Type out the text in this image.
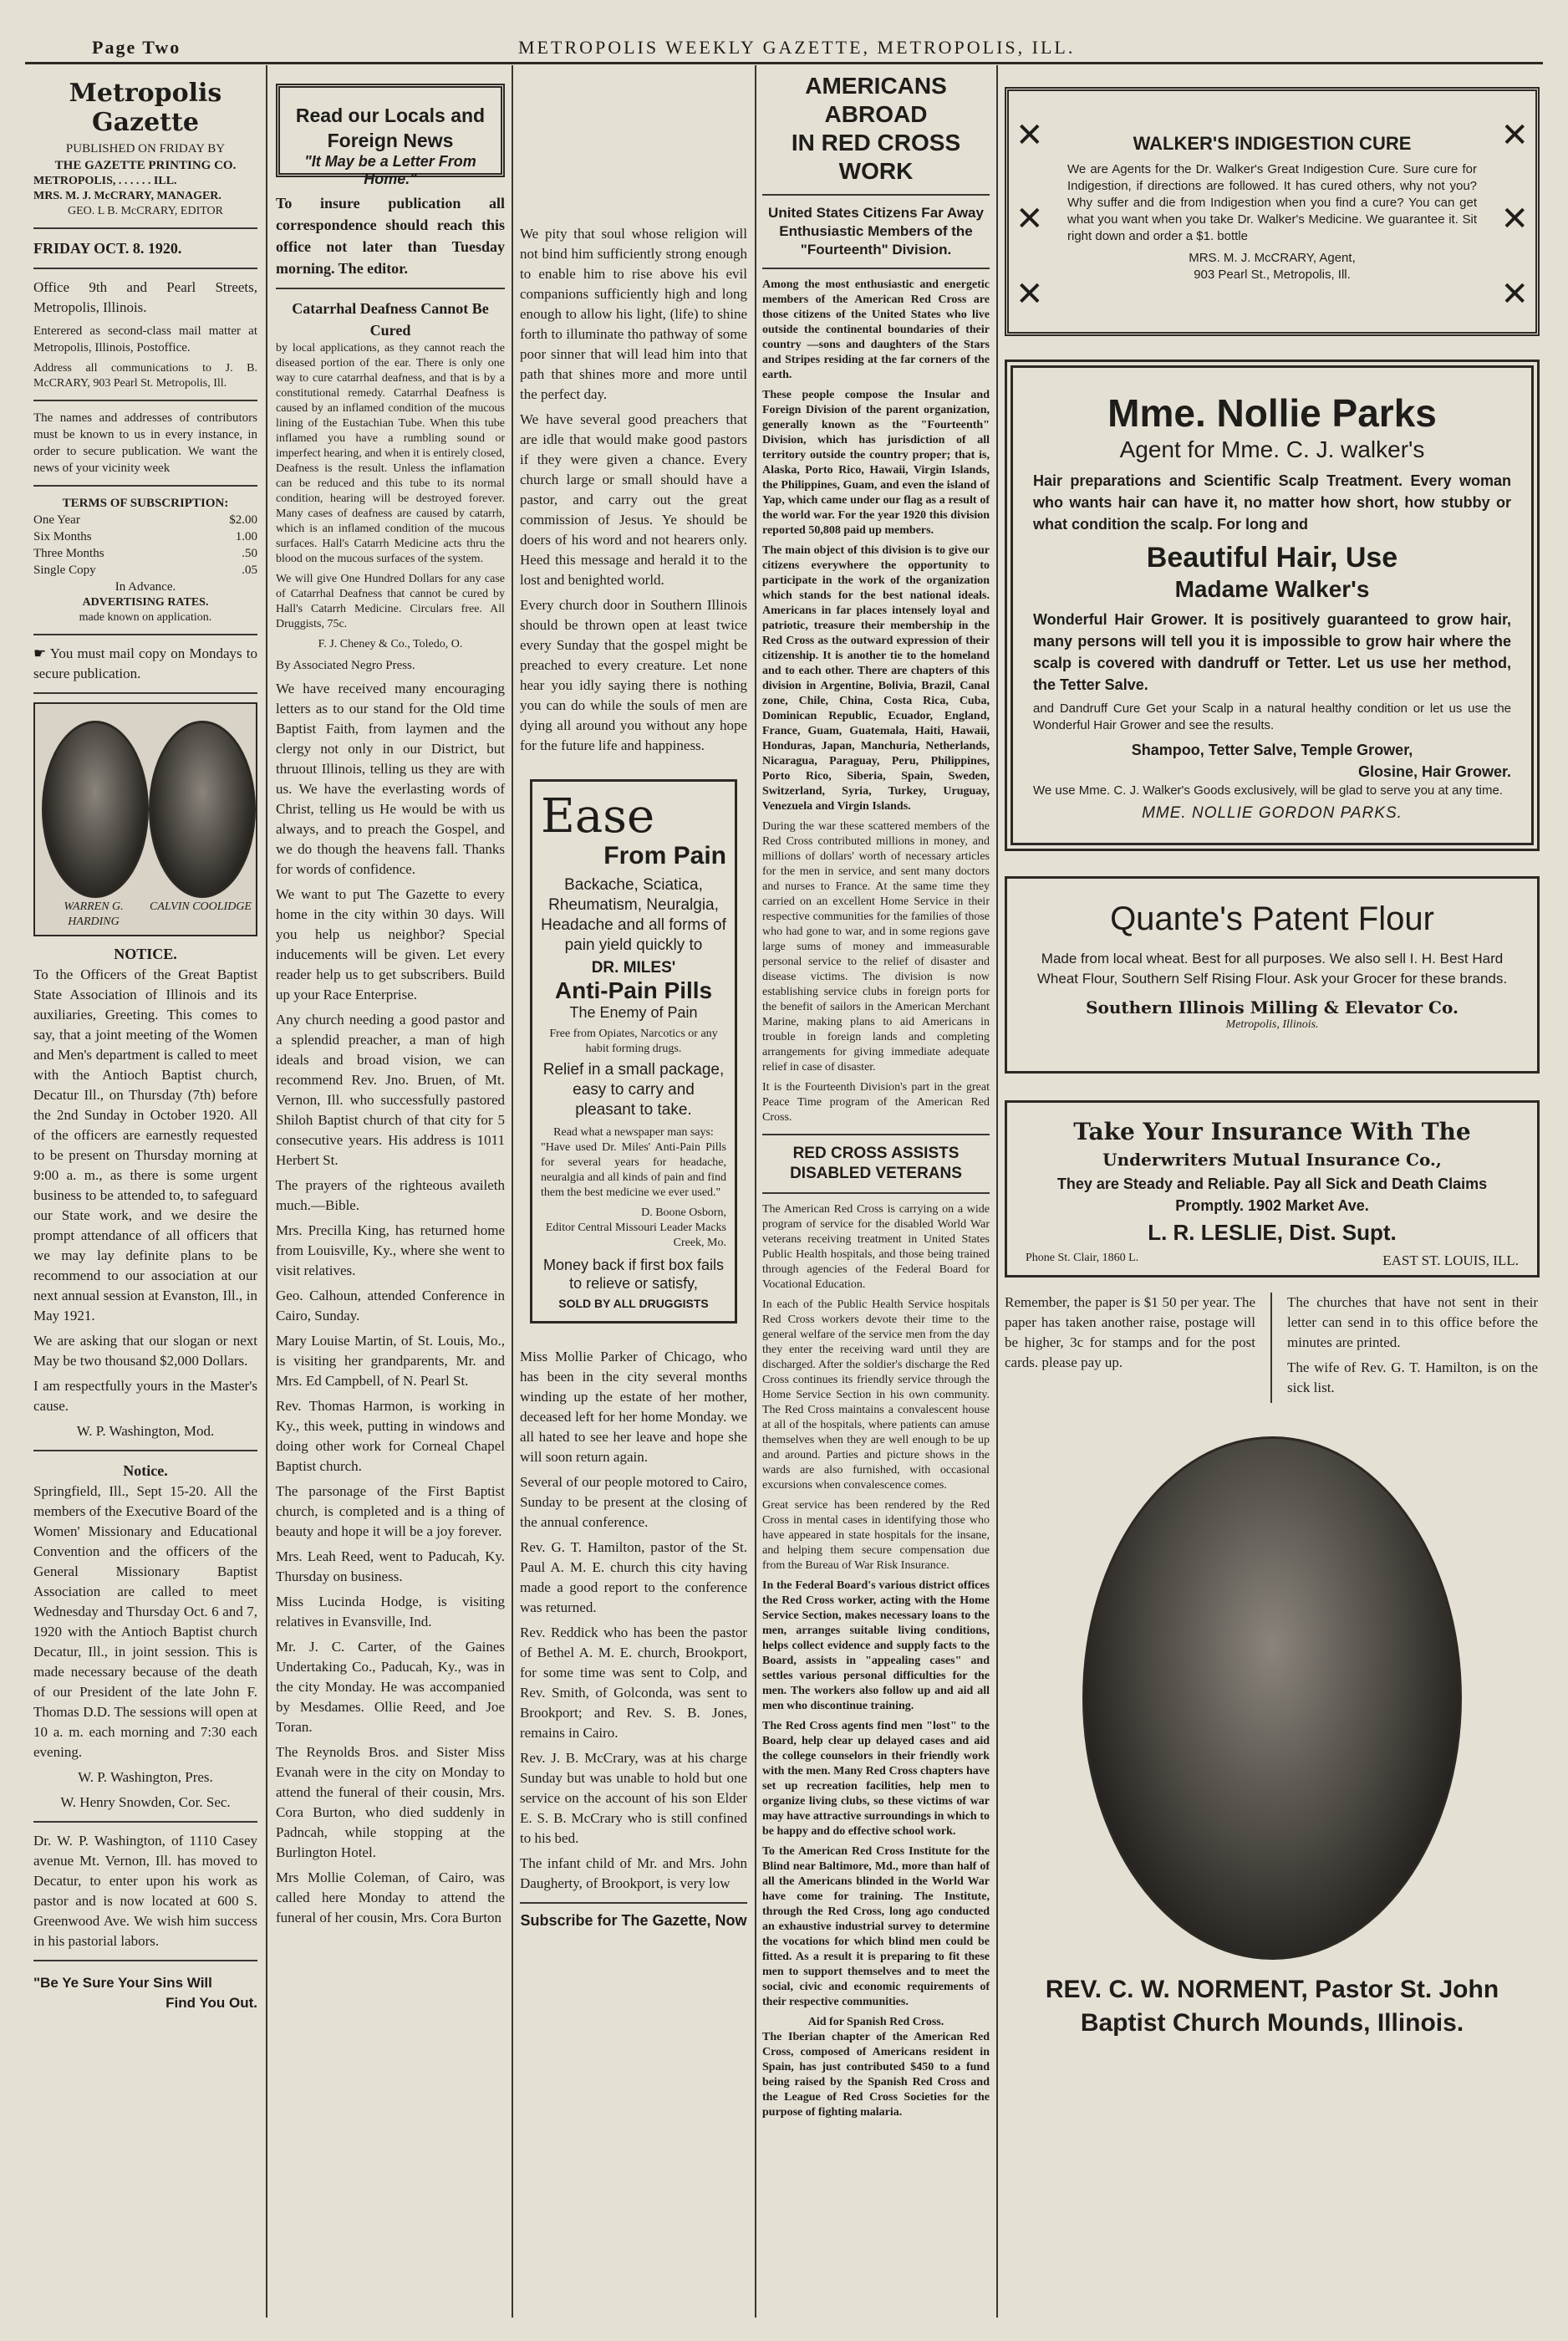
Page Two	METROPOLIS WEEKLY GAZETTE, METROPOLIS, ILL.
Metropolis Gazette
PUBLISHED ON FRIDAY BY
THE GAZETTE PRINTING CO.
METROPOLIS, . . . . . . ILL.
MRS. M. J. McCRARY, MANAGER.
GEO. L B. McCRARY, EDITOR
FRIDAY OCT. 8. 1920.

Office 9th and Pearl Streets, Metropolis, Illinois.

Enterered as second-class mail matter at Metropolis, Illinois, Postoffice.

Address all communications to J. B. McCRARY, 903 Pearl St. Metropolis, Ill.

The names and addresses of contributors must be known to us in every instance, in order to secure publication. We want the news of your vicinity week

TERMS OF SUBSCRIPTION:
One Year	$2.00
Six Months	1.00
Three Months	.50
Single Copy	.05
In Advance.
ADVERTISING RATES.
made known on application.

☛ You must mail copy on Mondays to secure publication.

WARREN G. HARDING
CALVIN COOLIDGE
NOTICE.

To the Officers of the Great Baptist State Association of Illinois and its auxiliaries, Greeting. This comes to say, that a joint meeting of the Women and Men's department is called to meet with the Antioch Baptist church, Decatur Ill., on Thursday (7th) before the 2nd Sunday in October 1920. All of the officers are earnestly requested to be present on Thursday morning at 9:00 a. m., as there is some urgent business to be attended to, to safeguard our State work, and we desire the prompt attendance of all officers that we may lay definite plans to be recommend to our association at our next annual session at Evanston, Ill., in May 1921.

We are asking that our slogan or next May be two thousand $2,000 Dollars.

I am respectfully yours in the Master's cause.

W. P. Washington, Mod.

Notice.

Springfield, Ill., Sept 15-20. All the members of the Executive Board of the Women' Missionary and Educational Convention and the officers of the General Missionary Baptist Association are called to meet Wednesday and Thursday Oct. 6 and 7, 1920 with the Antioch Baptist church Decatur, Ill., in joint session. This is made necessary because of the death of our President of the late John F. Thomas D.D. The sessions will open at 10 a. m. each morning and 7:30 each evening.

W. P. Washington, Pres.

W. Henry Snowden, Cor. Sec.

Dr. W. P. Washington, of 1110 Casey avenue Mt. Vernon, Ill. has moved to Decatur, to enter upon his work as pastor and is now located at 600 S. Greenwood Ave. We wish him success in his pastorial labors.

"Be Ye Sure Your Sins Will
Find You Out.
Read our Locals and Foreign News
"It May be a Letter From Home."

To insure publication all correspondence should reach this office not later than Tuesday morning. The editor.

Catarrhal Deafness Cannot Be Cured

by local applications, as they cannot reach the diseased portion of the ear. There is only one way to cure catarrhal deafness, and that is by a constitutional remedy. Catarrhal Deafness is caused by an inflamed condition of the mucous lining of the Eustachian Tube. When this tube inflamed you have a rumbling sound or imperfect hearing, and when it is entirely closed, Deafness is the result. Unless the inflamation can be reduced and this tube to its normal condition, hearing will be destroyed forever. Many cases of deafness are caused by catarrh, which is an inflamed condition of the mucous surfaces. Hall's Catarrh Medicine acts thru the blood on the mucous surfaces of the system.

We will give One Hundred Dollars for any case of Catarrhal Deafness that cannot be cured by Hall's Catarrh Medicine. Circulars free. All Druggists, 75c.

F. J. Cheney & Co., Toledo, O.

By Associated Negro Press.

We have received many encouraging letters as to our stand for the Old time Baptist Faith, from laymen and the clergy not only in our District, but thruout Illinois, telling us they are with us. We have the everlasting words of Christ, telling us He would be with us always, and to preach the Gospel, and we do though the heavens fall. Thanks for words of confidence.

We want to put The Gazette to every home in the city within 30 days. Will you help us neighbor? Special inducements will be given. Let every reader help us to get subscribers. Build up your Race Enterprise.

Any church needing a good pastor and a splendid preacher, a man of high ideals and broad vision, we can recommend Rev. Jno. Bruen, of Mt. Vernon, Ill. who successfully pastored Shiloh Baptist church of that city for 5 consecutive years. His address is 1011 Herbert St.

The prayers of the righteous availeth much.—Bible.

Mrs. Precilla King, has returned home from Louisville, Ky., where she went to visit relatives.

Geo. Calhoun, attended Conference in Cairo, Sunday.

Mary Louise Martin, of St. Louis, Mo., is visiting her grandparents, Mr. and Mrs. Ed Campbell, of N. Pearl St.

Rev. Thomas Harmon, is working in Ky., this week, putting in windows and doing other work for Corneal Chapel Baptist church.

The parsonage of the First Baptist church, is completed and is a thing of beauty and hope it will be a joy forever.

Mrs. Leah Reed, went to Paducah, Ky. Thursday on business.

Miss Lucinda Hodge, is visiting relatives in Evansville, Ind.

Mr. J. C. Carter, of the Gaines Undertaking Co., Paducah, Ky., was in the city Monday. He was accompanied by Mesdames. Ollie Reed, and Joe Toran.

The Reynolds Bros. and Sister Miss Evanah were in the city on Monday to attend the funeral of their cousin, Mrs. Cora Burton, who died suddenly in Padncah, while stopping at the Burlington Hotel.

Mrs Mollie Coleman, of Cairo, was called here Monday to attend the funeral of her cousin, Mrs. Cora Burton

We pity that soul whose religion will not bind him sufficiently strong enough to enable him to rise above his evil companions sufficiently high and long enough to allow his light, (life) to shine forth to illuminate tho pathway of some poor sinner that will lead him into that path that shines more and more until the perfect day.

We have several good preachers that are idle that would make good pastors if they were given a chance. Every church large or small should have a pastor, and carry out the great commission of Jesus. Ye should be doers of his word and not hearers only. Heed this message and herald it to the lost and benighted world.

Every church door in Southern Illinois should be thrown open at least twice every Sunday that the gospel might be preached to every creature. Let none hear you idly saying there is nothing you can do while the souls of men are dying all around you without any hope for the future life and happiness.

Ease
From Pain
Backache, Sciatica, Rheumatism, Neuralgia, Headache and all forms of pain yield quickly to
DR. MILES'
Anti-Pain Pills
The Enemy of Pain
Free from Opiates, Narcotics or any habit forming drugs.
Relief in a small package, easy to carry and pleasant to take.
Read what a newspaper man says:

"Have used Dr. Miles' Anti-Pain Pills for several years for headache, neuralgia and all kinds of pain and find them the best medicine we ever used."

D. Boone Osborn,
Editor Central Missouri Leader Macks Creek, Mo.
Money back if first box fails to relieve or satisfy,
SOLD BY ALL DRUGGISTS

Miss Mollie Parker of Chicago, who has been in the city several months winding up the estate of her mother, deceased left for her home Monday. we all hated to see her leave and hope she will soon return again.

Several of our people motored to Cairo, Sunday to be present at the closing of the annual conference.

Rev. G. T. Hamilton, pastor of the St. Paul A. M. E. church this city having made a good report to the conference was returned.

Rev. Reddick who has been the pastor of Bethel A. M. E. church, Brookport, for some time was sent to Colp, and Rev. Smith, of Golconda, was sent to Brookport; and Rev. S. B. Jones, remains in Cairo.

Rev. J. B. McCrary, was at his charge Sunday but was unable to hold but one service on the account of his son Elder E. S. B. McCrary who is still confined to his bed.

The infant child of Mr. and Mrs. John Daugherty, of Brookport, is very low

Subscribe for The Gazette, Now
AMERICANS ABROAD
IN RED CROSS WORK
United States Citizens Far Away Enthusiastic Members of the "Fourteenth" Division.

Among the most enthusiastic and energetic members of the American Red Cross are those citizens of the United States who live outside the continental boundaries of their country —sons and daughters of the Stars and Stripes residing at the far corners of the earth.

These people compose the Insular and Foreign Division of the parent organization, generally known as the "Fourteenth" Division, which has jurisdiction of all territory outside the country proper; that is, Alaska, Porto Rico, Hawaii, Virgin Islands, the Philippines, Guam, and even the island of Yap, which came under our flag as a result of the world war. For the year 1920 this division reported 50,808 paid up members.

The main object of this division is to give our citizens everywhere the opportunity to participate in the work of the organization which stands for the best national ideals. Americans in far places intensely loyal and patriotic, treasure their membership in the Red Cross as the outward expression of their citizenship. It is another tie to the homeland and to each other. There are chapters of this division in Argentine, Bolivia, Brazil, Canal zone, Chile, China, Costa Rica, Cuba, Dominican Republic, Ecuador, England, France, Guam, Guatemala, Haiti, Hawaii, Honduras, Japan, Manchuria, Netherlands, Nicaragua, Paraguay, Peru, Philippines, Porto Rico, Siberia, Spain, Sweden, Switzerland, Syria, Turkey, Uruguay, Venezuela and Virgin Islands.

During the war these scattered members of the Red Cross contributed millions in money, and millions of dollars' worth of necessary articles for the men in service, and sent many doctors and nurses to France. At the same time they carried on an excellent Home Service in their respective communities for the families of those who had gone to war, and in some regions gave large sums of money and immeasurable personal service to the relief of disaster and disease victims. The division is now establishing service clubs in foreign ports for the benefit of sailors in the American Merchant Marine, making plans to aid Americans in trouble in foreign lands and completing arrangements for giving immediate adequate relief in case of disaster.

It is the Fourteenth Division's part in the great Peace Time program of the American Red Cross.

RED CROSS ASSISTS DISABLED VETERANS

The American Red Cross is carrying on a wide program of service for the disabled World War veterans receiving treatment in United States Public Health hospitals, and those being trained through agencies of the Federal Board for Vocational Education.

In each of the Public Health Service hospitals Red Cross workers devote their time to the general welfare of the service men from the day they enter the receiving ward until they are discharged. After the soldier's discharge the Red Cross continues its friendly service through the Home Service Section in his own community. The Red Cross maintains a convalescent house at all of the hospitals, where patients can amuse themselves when they are well enough to be up and around. Parties and picture shows in the wards are also furnished, with occasional excursions when convalescence comes.

Great service has been rendered by the Red Cross in mental cases in identifying those who have appeared in state hospitals for the insane, and helping them secure compensation due from the Bureau of War Risk Insurance.

In the Federal Board's various district offices the Red Cross worker, acting with the Home Service Section, makes necessary loans to the men, arranges suitable living conditions, helps collect evidence and supply facts to the Board, assists in "appealing cases" and settles various personal difficulties for the men. The workers also follow up and aid all men who discontinue training.

The Red Cross agents find men "lost" to the Board, help clear up delayed cases and aid the college counselors in their friendly work with the men. Many Red Cross chapters have set up recreation facilities, help men to organize living clubs, so these victims of war may have attractive surroundings in which to be happy and do effective school work.

To the American Red Cross Institute for the Blind near Baltimore, Md., more than half of all the Americans blinded in the World War have come for training. The Institute, through the Red Cross, long ago conducted an exhaustive industrial survey to determine the vocations for which blind men could be fitted. As a result it is preparing to fit these men to support themselves and to meet the social, civic and economic requirements of their respective communities.

Aid for Spanish Red Cross.

The Iberian chapter of the American Red Cross, composed of Americans resident in Spain, has just contributed $450 to a fund being raised by the Spanish Red Cross and the League of Red Cross Societies for the purpose of fighting malaria.

✕
✕
✕
✕
✕
✕
WALKER'S INDIGESTION CURE

We are Agents for the Dr. Walker's Great Indigestion Cure. Sure cure for Indigestion, if directions are followed. It has cured others, why not you? Why suffer and die from Indigestion when you find a cure? You can get what you want when you take Dr. Walker's Medicine. We guarantee it. Sit right down and order a $1. bottle

MRS. M. J. McCRARY, Agent,
903 Pearl St., Metropolis, Ill.
Mme. Nollie Parks
Agent for Mme. C. J. walker's

Hair preparations and Scientific Scalp Treatment. Every woman who wants hair can have it, no matter how short, how stubby or what condition the scalp. For long and

Beautiful Hair, Use
Madame Walker's

Wonderful Hair Grower. It is positively guaranteed to grow hair, many persons will tell you it is impossible to grow hair where the scalp is covered with dandruff or Tetter. Let us use her method, the Tetter Salve.

and Dandruff Cure Get your Scalp in a natural healthy condition or let us use the Wonderful Hair Grower and see the results.

Shampoo, Tetter Salve, Temple Grower,
Glosine, Hair Grower.

We use Mme. C. J. Walker's Goods exclusively, will be glad to serve you at any time.

MME. NOLLIE GORDON PARKS.
Quante's Patent Flour

Made from local wheat. Best for all purposes. We also sell I. H. Best Hard Wheat Flour, Southern Self Rising Flour. Ask your Grocer for these brands.

Southern Illinois Milling & Elevator Co.
Metropolis, Illinois.
Take Your Insurance With The
Underwriters Mutual Insurance Co.,
They are Steady and Reliable. Pay all Sick and Death Claims Promptly. 1902 Market Ave.
L. R. LESLIE, Dist. Supt.
Phone St. Clair, 1860 L.	EAST ST. LOUIS, ILL.

Remember, the paper is $1 50 per year. The paper has taken another raise, postage will be higher, 3c for stamps and for the post cards. please pay up.

The churches that have not sent in their letter can send in to this office before the minutes are printed.

The wife of Rev. G. T. Hamilton, is on the sick list.

REV. C. W. NORMENT, Pastor St. John
Baptist Church Mounds, Illinois.
